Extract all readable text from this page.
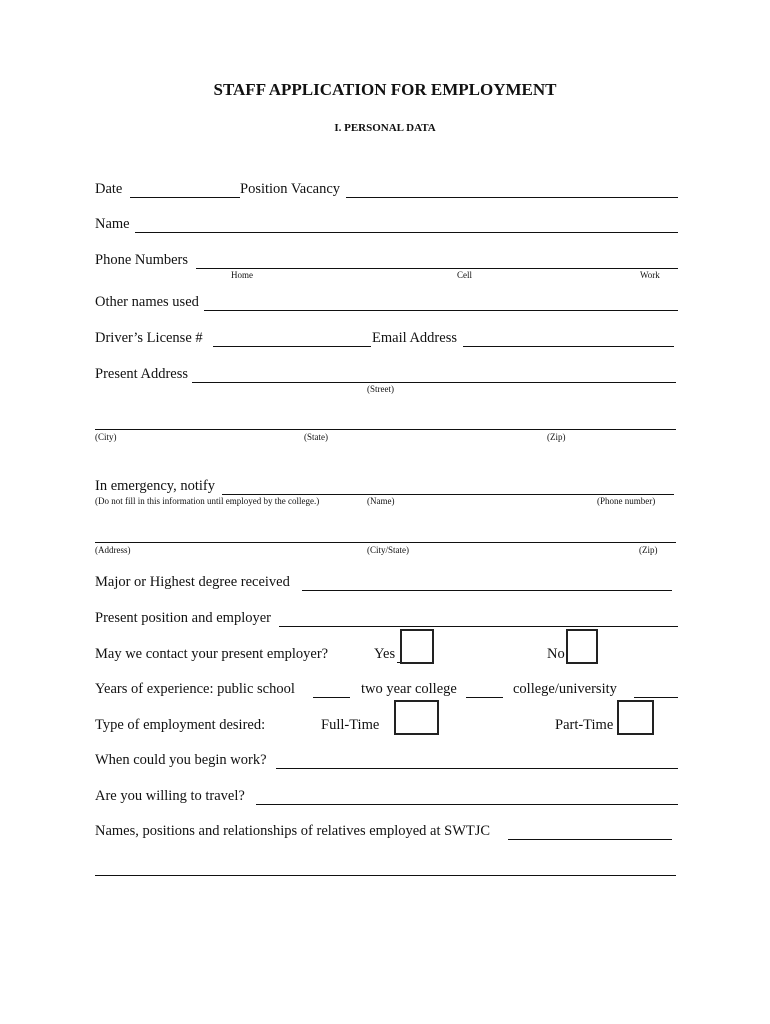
STAFF APPLICATION FOR EMPLOYMENT
I. PERSONAL DATA
Date	Position Vacancy
Name
Phone Numbers
Home	Cell	Work
Other names used
Driver’s License #	Email Address
Present Address
(Street)
(City)	(State)	(Zip)
In emergency, notify
(Do not fill in this information until employed by the college.)	(Name)	(Phone number)
(Address)	(City/State)	(Zip)
Major or Highest degree received
Present position and employer
May we contact your present employer?	Yes	No
Years of experience: public school	two year college	college/university
Type of employment desired:	Full-Time	Part-Time
When could you begin work?
Are you willing to travel?
Names, positions and relationships of relatives employed at SWTJC
